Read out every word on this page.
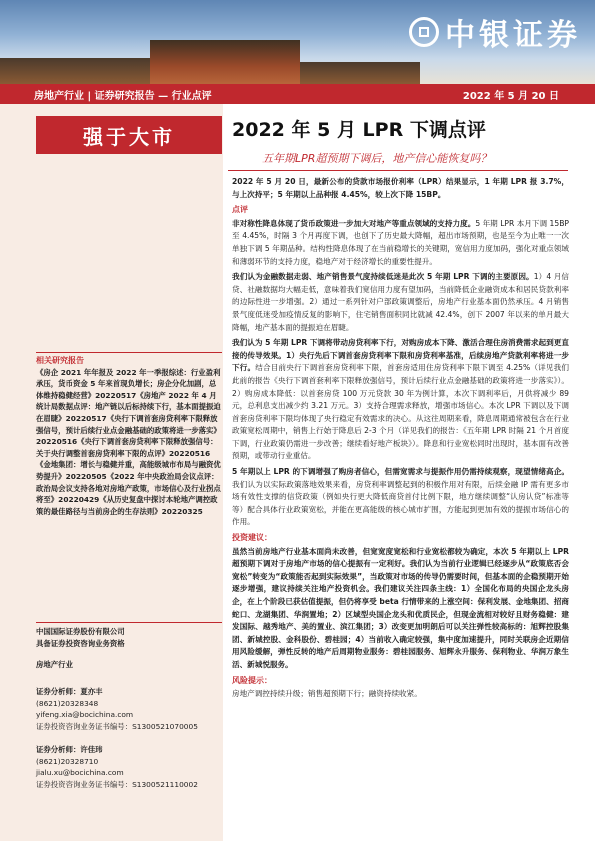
中银证券
房地产行业 | 证券研究报告 — 行业点评	2022 年 5 月 20 日
强于大市	2022 年 5 月 LPR 下调点评
五年期LPR超预期下调后，地产信心能恢复吗？

2022 年 5 月 20 日，最新公布的贷款市场报价利率（LPR）结果显示，1 年期 LPR 报 3.7%，与上次持平；5 年期以上品种报 4.45%，较上次下降 15BP。

点评

非对称性降息体现了货币政策进一步加大对地产等重点领域的支持力度。5 年期 LPR 本月下调 15BP 至 4.45%，时隔 3 个月再度下调，也创下了历史最大降幅，超出市场预期，也是至今为止唯一一次单独下调 5 年期品种。结构性降息体现了在当前稳增长的关键期，宽信用力度加码，强化对重点领域和薄弱环节的支持力度，稳地产对于经济增长的重要性提升。

我们认为金融数据走弱、地产销售景气度持续低迷是此次 5 年期 LPR 下调的主要原因。1）4 月信贷、社融数据均大幅走低，意味着我们宽信用力度有望加码，当前降低企业融资成本和居民贷款利率的边际性进一步增强。2）通过一系列针对户部政策调整后，房地产行业基本面仍然承压。4 月销售景气度低迷受加疫情反复的影响下，住宅销售面积同比就减 42.4%，创下 2007 年以来的单月最大降幅，地产基本面的提振迫在眉睫。

我们认为 5 年期 LPR 下调将带动房贷利率下行，对购房成本下降、激活合理住房消费需求起到更直接的传导效果。1）央行先后下调首套房贷利率下限和房贷利率基准，后续房地产贷款利率将进一步下行。结合目前央行下调首套房贷利率下限，首套房适用住房贷利率下限下调至 4.25%（详见我们此前的报告《央行下调首套利率下限释放强信号，预计后续行业点金融基础的政策将进一步落实》）。2）购房成本降低：以首套房贷 100 万元贷款 30 年为例计算，本次下调利率后，月供将减少 89 元，总利息支出减少约 3.21 万元。3）支持合理需求释放，增强市场信心。本次 LPR 下调以及下调首套房贷利率下限均体现了央行稳定有效需求的决心。从这往周期来看，降息周期通常被包含在行业政策宽松周期中，销售上行始于降息后 2-3 个月（详见我们的报告：《五年期 LPR 时隔 21 个月首度下调，行业政策仍需进一步改善；继续看好地产板块》）。降息和行业宽松同时出现时，基本面有改善预期，或带动行业重估。

5 年期以上 LPR 的下调增强了购房者信心，但需宽需求与提振作用仍需持续观察，现望情绪高企。我们认为以实际政策落地效果来看，房贷利率调整起到的积极作用对有限，后续金融 IP 需有更多市场有效性支撑的信贷政策（例如央行更大降低商贷首付比例下限，地方继续调整“认房认贷”标准等等）配合具体行业政策宽松，并能在更高能级的核心城市扩围，方能起到更加有效的提振市场信心的作用。

投资建议：

虽然当前房地产行业基本面尚未改善，但宽宽度宽松和行业宽松都较为确定，本次 5 年期以上 LPR 超预期下调对于房地产市场的信心提振有一定利好。我们认为当前行业逻辑已经逐步从“政策底否会宽松”转变为“政策能否起到实际效果”，当政策对市场的传导仍需要时间，但基本面的企稳预期开始逐步增强，建议持续关注地产投资机会。我们建议关注四条主线：1）全国化布局的央国企龙头房企，在上个阶段已获估值提振，但仍将享受 beta 行情带来的上涨空间：保利发展、金地集团、招商蛇口、龙湖集团、华润置地；2）区域型央国企龙头和优质民企，但现金流相对较好且财务稳健：建发国际、越秀地产、美的置业、滨江集团；3）改变更加明朗后可以关注弹性较高标的：旭辉控股集团、新城控股、金科股份、碧桂园；4）当前收入确定较强，集中度加速提升，同时关联房企近期信用风险缓解，弹性反转的地产后周期物业服务：碧桂园服务、旭辉永升服务、保利物业、华润万象生活、新城悦服务。

风险提示：

房地产调控持续升级；销售超预期下行；融资持续收紧。

相关研究报告
《房企 2021 年年报及 2022 年一季报综述：行业盈利承压，货币资金 5 年来首现负增长；房企分化加剧，总体维持稳健经营》20220517《房地产 2022 年 4 月统计局数据点评：地产链以后标持续下行，基本面提振迫在眉睫》20220517《央行下调首套房贷利率下限释放强信号，预计后续行业点金融基础的政策将进一步落实》20220516《央行下调首套房贷利率下限释放强信号：关于央行调整首套房贷利率下限的点评》20220516《金地集团：增长与稳健并重，高能级城市布局与融资优势提升》20220505《2022 年中央政治局会议点评：政治局会议支持各地对房地产政策，市场信心及行业拐点将至》20220429《从历史复盘中探讨本轮地产调控政策的最佳路径与当前房企的生存法则》20220325
中国国际证券股份有限公司
具备证券投资咨询业务资格
房地产行业
证券分析师：夏亦丰
(8621)20328348
yifeng.xia@bocichina.com
证券投资咨询业务证书编号：S1300521070005
证券分析师：许佳玮
(8621)20328710
jialu.xu@bocichina.com
证券投资咨询业务证书编号：S1300521110002
